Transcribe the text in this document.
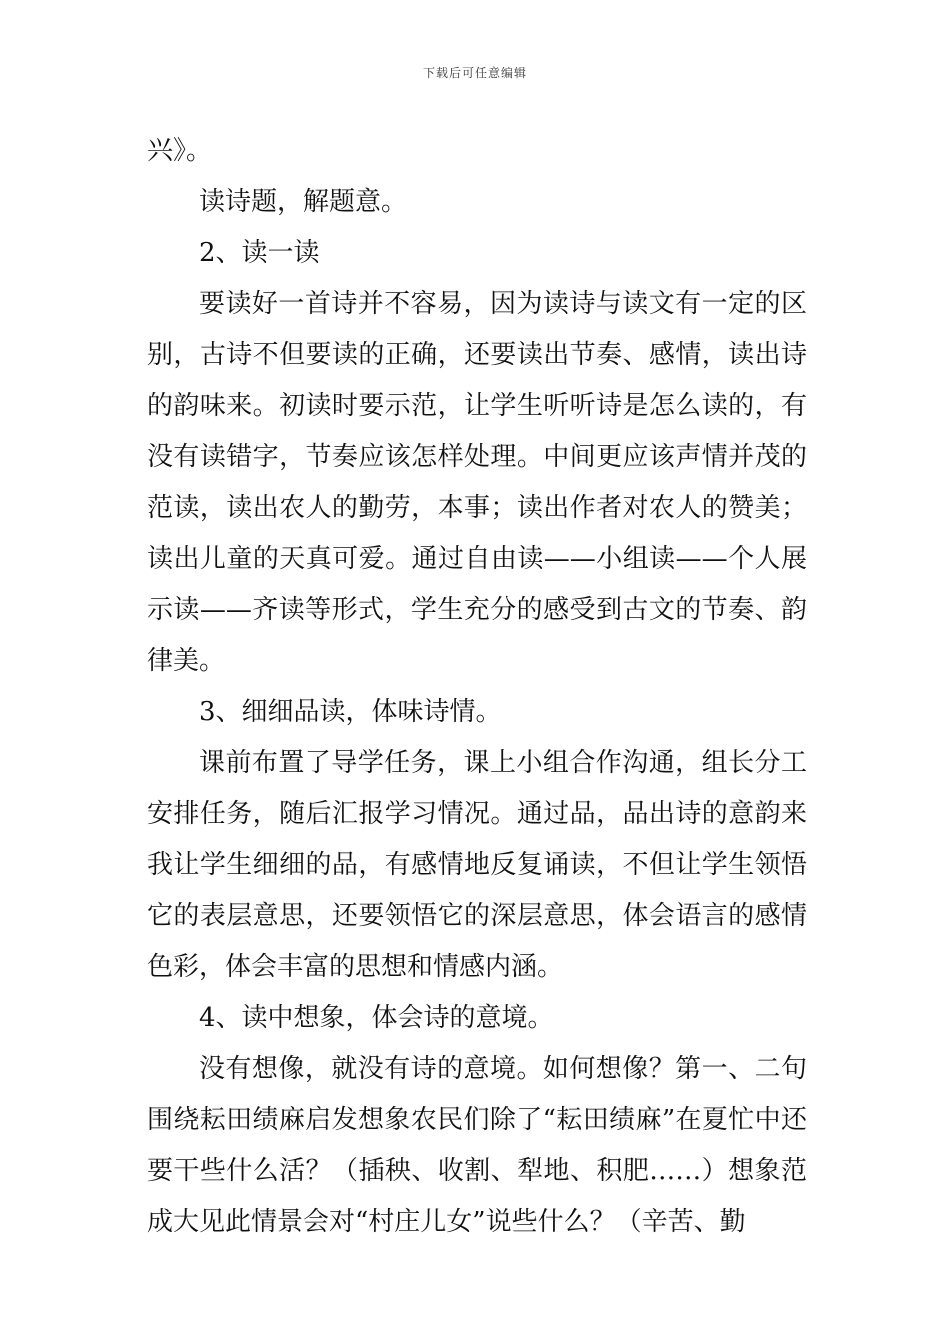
下载后可任意编辑

兴》。

读诗题，解题意。

2、读一读

要读好一首诗并不容易，因为读诗与读文有一定的区别，古诗不但要读的正确，还要读出节奏、感情，读出诗的韵味来。初读时要示范，让学生听听诗是怎么读的，有没有读错字，节奏应该怎样处理。中间更应该声情并茂的范读，读出农人的勤劳，本事；读出作者对农人的赞美；读出儿童的天真可爱。通过自由读——小组读——个人展示读——齐读等形式，学生充分的感受到古文的节奏、韵律美。

3、细细品读，体味诗情。

课前布置了导学任务，课上小组合作沟通，组长分工安排任务，随后汇报学习情况。通过品，品出诗的意韵来我让学生细细的品，有感情地反复诵读，不但让学生领悟它的表层意思，还要领悟它的深层意思，体会语言的感情色彩，体会丰富的思想和情感内涵。

4、读中想象，体会诗的意境。

没有想像，就没有诗的意境。如何想像？第一、二句围绕耘田绩麻启发想象农民们除了“耘田绩麻”在夏忙中还要干些什么活？（插秧、收割、犁地、积肥……）想象范成大见此情景会对“村庄儿女”说些什么？（辛苦、勤
